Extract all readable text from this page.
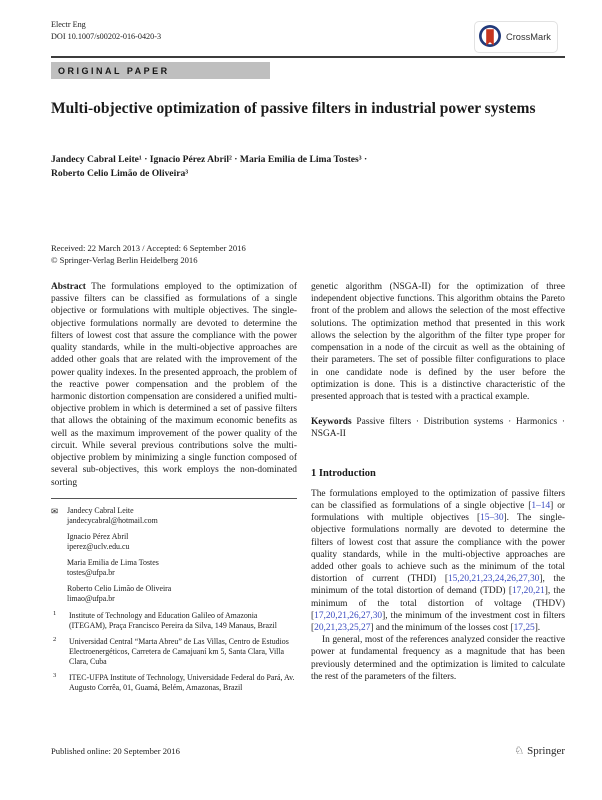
Electr Eng
DOI 10.1007/s00202-016-0420-3	CrossMark
ORIGINAL PAPER
Multi-objective optimization of passive filters in industrial power systems
Jandecy Cabral Leite¹ · Ignacio Pérez Abril² · Maria Emilia de Lima Tostes³ ·
Roberto Celio Limão de Oliveira³
Received: 22 March 2013 / Accepted: 6 September 2016
© Springer-Verlag Berlin Heidelberg 2016

Abstract The formulations employed to the optimization of passive filters can be classified as formulations of a single objective or formulations with multiple objectives. The single-objective formulations normally are devoted to determine the filters of lowest cost that assure the compliance with the power quality standards, while in the multi-objective approaches are added other goals that are related with the improvement of the power quality indexes. In the presented approach, the problem of the reactive power compensation and the problem of the harmonic distortion compensation are considered a unified multi-objective problem in which is determined a set of passive filters that allows the obtaining of the maximum economic benefits as well as the maximum improvement of the power quality of the circuit. While several previous contributions solve the multi-objective problem by minimizing a single function composed of several sub-objectives, this work employs the non-dominated sorting

✉	Jandecy Cabral Leite
jandecycabral@hotmail.com
Ignacio Pérez Abril
iperez@uclv.edu.cu
Maria Emilia de Lima Tostes
tostes@ufpa.br
Roberto Celio Limão de Oliveira
limao@ufpa.br
1	Institute of Technology and Education Galileo of Amazonia (ITEGAM), Praça Francisco Pereira da Silva, 149 Manaus, Brazil
2	Universidad Central “Marta Abreu” de Las Villas, Centro de Estudios Electroenergéticos, Carretera de Camajuaní km 5, Santa Clara, Villa Clara, Cuba
3	ITEC-UFPA Institute of Technology, Universidade Federal do Pará, Av. Augusto Corrêa, 01, Guamá, Belém, Amazonas, Brazil

genetic algorithm (NSGA-II) for the optimization of three independent objective functions. This algorithm obtains the Pareto front of the problem and allows the selection of the most effective solutions. The optimization method that presented in this work allows the selection by the algorithm of the filter type proper for compensation in a node of the circuit as well as the obtaining of their parameters. The set of possible filter configurations to place in one candidate node is defined by the user before the optimization is done. This is a distinctive characteristic of the presented approach that is tested with a practical example.

Keywords Passive filters · Distribution systems · Harmonics · NSGA-II

1 Introduction

The formulations employed to the optimization of passive filters can be classified as formulations of a single objective [1–14] or formulations with multiple objectives [15–30]. The single-objective formulations normally are devoted to determine the filters of lowest cost that assure the compliance with the power quality standards, while in the multi-objective approaches are added other goals to achieve such as the minimum of the total distortion of current (THDI) [15,20,21,23,24,26,27,30], the minimum of the total distortion of demand (TDD) [17,20,21], the minimum of the total distortion of voltage (THDV) [17,20,21,26,27,30], the minimum of the investment cost in filters [20,21,23,25,27] and the minimum of the losses cost [17,25].

In general, most of the references analyzed consider the reactive power at fundamental frequency as a magnitude that has been previously determined and the optimization is limited to calculate the rest of the parameters of the filters.

Published online: 20 September 2016	♘ Springer
